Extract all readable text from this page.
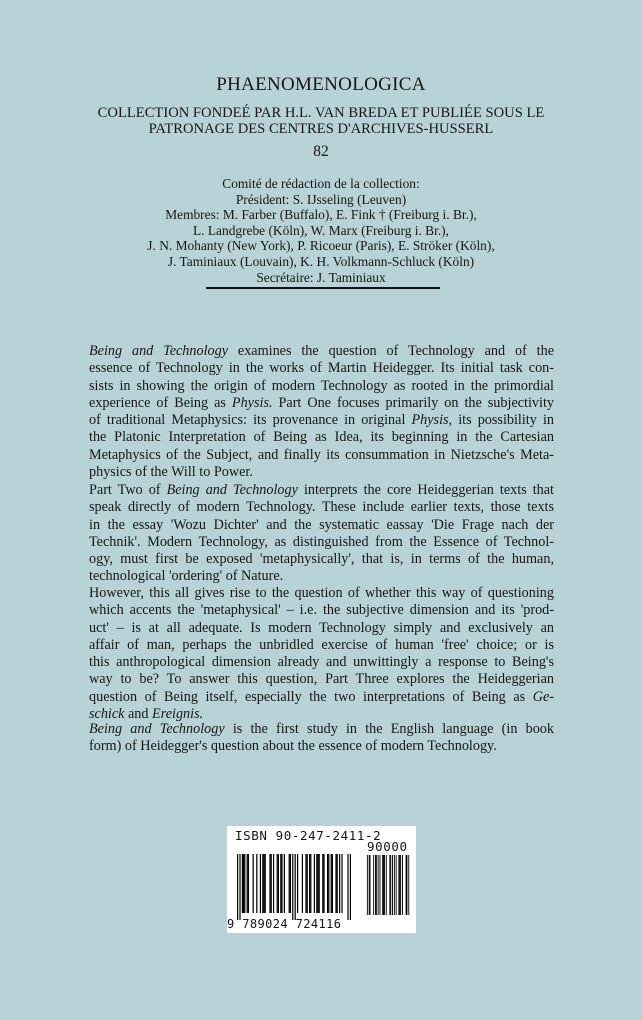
PHAENOMENOLOGICA
COLLECTION FONDEÉ PAR H.L. VAN BREDA ET PUBLIÉE SOUS LE
PATRONAGE DES CENTRES D'ARCHIVES-HUSSERL
82
Comité de rédaction de la collection:
Président: S. IJsseling (Leuven)
Membres: M. Farber (Buffalo), E. Fink † (Freiburg i. Br.),
L. Landgrebe (Köln), W. Marx (Freiburg i. Br.),
J. N. Mohanty (New York), P. Ricoeur (Paris), E. Ströker (Köln),
J. Taminiaux (Louvain), K. H. Volkmann-Schluck (Köln)
Secrétaire: J. Taminiaux
Being and Technology examines the question of Technology and of the
essence of Technology in the works of Martin Heidegger. Its initial task con-
sists in showing the origin of modern Technology as rooted in the primordial
experience of Being as Physis. Part One focuses primarily on the subjectivity
of traditional Metaphysics: its provenance in original Physis, its possibility in
the Platonic Interpretation of Being as Idea, its beginning in the Cartesian
Metaphysics of the Subject, and finally its consummation in Nietzsche's Meta-
physics of the Will to Power.
Part Two of Being and Technology interprets the core Heideggerian texts that
speak directly of modern Technology. These include earlier texts, those texts
in the essay 'Wozu Dichter' and the systematic eassay 'Die Frage nach der
Technik'. Modern Technology, as distinguished from the Essence of Technol-
ogy, must first be exposed 'metaphysically', that is, in terms of the human,
technological 'ordering' of Nature.
However, this all gives rise to the question of whether this way of questioning
which accents the 'metaphysical' – i.e. the subjective dimension and its 'prod-
uct' – is at all adequate. Is modern Technology simply and exclusively an
affair of man, perhaps the unbridled exercise of human 'free' choice; or is
this anthropological dimension already and unwittingly a response to Being's
way to be? To answer this question, Part Three explores the Heideggerian
question of Being itself, especially the two interpretations of Being as Ge-
schick and Ereignis.
Being and Technology is the first study in the English language (in book
form) of Heidegger's question about the essence of modern Technology.
ISBN 90-247-2411-2
90000
9 789024 724116
